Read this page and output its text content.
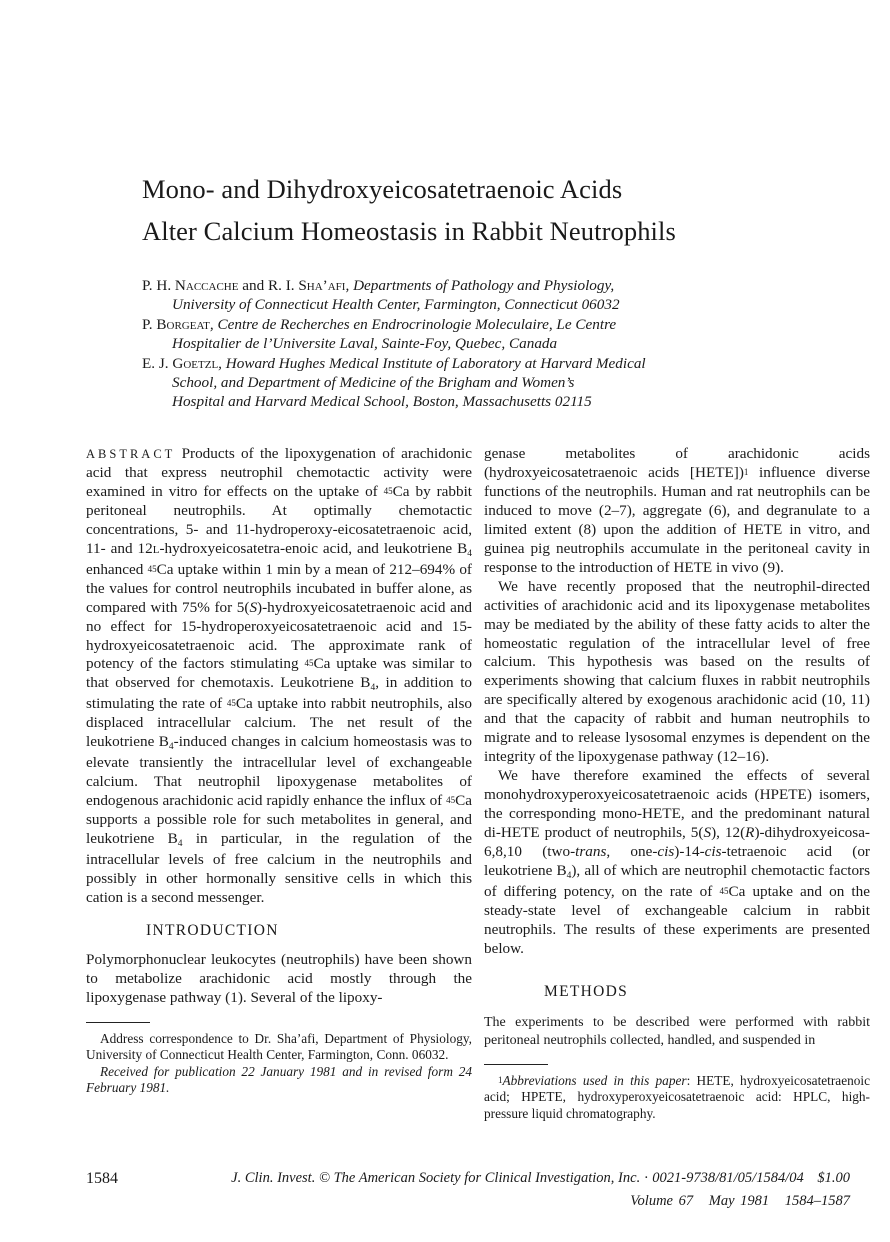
Mono- and Dihydroxyeicosatetraenoic Acids
Alter Calcium Homeostasis in Rabbit Neutrophils
P. H. Naccache and R. I. Sha’afi, Departments of Pathology and Physiology,
University of Connecticut Health Center, Farmington, Connecticut 06032
P. Borgeat, Centre de Recherches en Endrocrinologie Moleculaire, Le Centre
Hospitalier de l’Universite Laval, Sainte-Foy, Quebec, Canada
E. J. Goetzl, Howard Hughes Medical Institute of Laboratory at Harvard Medical
School, and Department of Medicine of the Brigham and Women’s
Hospital and Harvard Medical School, Boston, Massachusetts 02115

ABSTRACT Products of the lipoxygenation of arachidonic acid that express neutrophil chemotactic activity were examined in vitro for effects on the uptake of $^{45}$Ca by rabbit peritoneal neutrophils. At optimally chemotactic concentrations, 5- and 11-hydroperoxy-eicosatetraenoic acid, 11- and 12l-hydroxyeicosatetra-enoic acid, and leukotriene $B_4$ enhanced $^{45}$Ca uptake within 1 min by a mean of 212–694% of the values for control neutrophils incubated in buffer alone, as compared with 75% for 5(S)-hydroxyeicosatetraenoic acid and no effect for 15-hydroperoxyeicosatetraenoic acid and 15-hydroxyeicosatetraenoic acid. The approximate rank of potency of the factors stimulating $^{45}$Ca uptake was similar to that observed for chemotaxis. Leukotriene $B_4$, in addition to stimulating the rate of $^{45}$Ca uptake into rabbit neutrophils, also displaced intracellular calcium. The net result of the leukotriene $B_4$-induced changes in calcium homeostasis was to elevate transiently the intracellular level of exchangeable calcium. That neutrophil lipoxygenase metabolites of endogenous arachidonic acid rapidly enhance the influx of $^{45}$Ca supports a possible role for such metabolites in general, and leukotriene $B_4$ in particular, in the regulation of the intracellular levels of free calcium in the neutrophils and possibly in other hormonally sensitive cells in which this cation is a second messenger.

INTRODUCTION

Polymorphonuclear leukocytes (neutrophils) have been shown to metabolize arachidonic acid mostly through the lipoxygenase pathway (1). Several of the lipoxy-

Address correspondence to Dr. Sha’afi, Department of Physiology, University of Connecticut Health Center, Farmington, Conn. 06032.

Received for publication 22 January 1981 and in revised form 24 February 1981.

genase metabolites of arachidonic acids (hydroxyeicosatetraenoic acids [HETE])$^1$ influence diverse functions of the neutrophils. Human and rat neutrophils can be induced to move (2–7), aggregate (6), and degranulate to a limited extent (8) upon the addition of HETE in vitro, and guinea pig neutrophils accumulate in the peritoneal cavity in response to the introduction of HETE in vivo (9).

We have recently proposed that the neutrophil-directed activities of arachidonic acid and its lipoxygenase metabolites may be mediated by the ability of these fatty acids to alter the homeostatic regulation of the intracellular level of free calcium. This hypothesis was based on the results of experiments showing that calcium fluxes in rabbit neutrophils are specifically altered by exogenous arachidonic acid (10, 11) and that the capacity of rabbit and human neutrophils to migrate and to release lysosomal enzymes is dependent on the integrity of the lipoxygenase pathway (12–16).

We have therefore examined the effects of several monohydroxyperoxyeicosatetraenoic acids (HPETE) isomers, the corresponding mono-HETE, and the predominant natural di-HETE product of neutrophils, 5(S), 12(R)-dihydroxyeicosa-6,8,10 (two-trans, one-cis)-14-cis-tetraenoic acid (or leukotriene $B_4$), all of which are neutrophil chemotactic factors of differing potency, on the rate of $^{45}$Ca uptake and on the steady-state level of exchangeable calcium in rabbit neutrophils. The results of these experiments are presented below.

METHODS

The experiments to be described were performed with rabbit peritoneal neutrophils collected, handled, and suspended in

$^1$Abbreviations used in this paper: HETE, hydroxyeicosatetraenoic acid; HPETE, hydroxyperoxyeicosatetraenoic acid: HPLC, high-pressure liquid chromatography.

1584	J. Clin. Invest. © The American Society for Clinical Investigation, Inc. · 0021-9738/81/05/1584/04 $1.00
Volume 67 May 1981 1584–1587
